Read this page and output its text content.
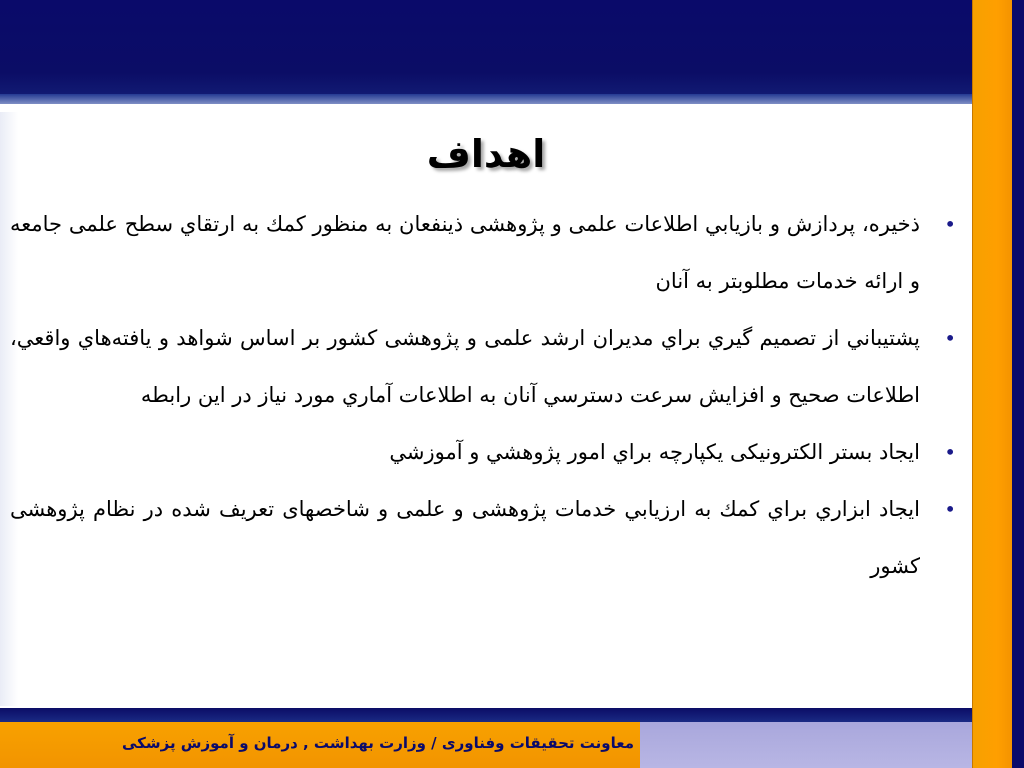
اهداف
•
ذخيره، پردازش و بازيابي اطلاعات علمی و پژوهشی ذينفعان به منظور كمك به ارتقاي سطح علمی جامعه و ارائه خدمات مطلوبتر به آنان
•
پشتيباني از تصميم گيري براي مديران ارشد علمی و پژوهشی كشور بر اساس شواهد و يافته‌هاي واقعي، اطلاعات صحيح و افزايش سرعت دسترسي آنان به اطلاعات آماري مورد نياز در اين رابطه
•
ايجاد بستر الكترونيکی يکپارچه براي امور پژوهشي و آموزشي
•
ايجاد ابزاري براي كمك به ارزيابي خدمات پژوهشی و علمی و شاخصهای تعريف شده در نظام پژوهشی كشور
معاونت تحقيقات وفناوری / وزارت بهداشت , درمان و آموزش پزشکی
